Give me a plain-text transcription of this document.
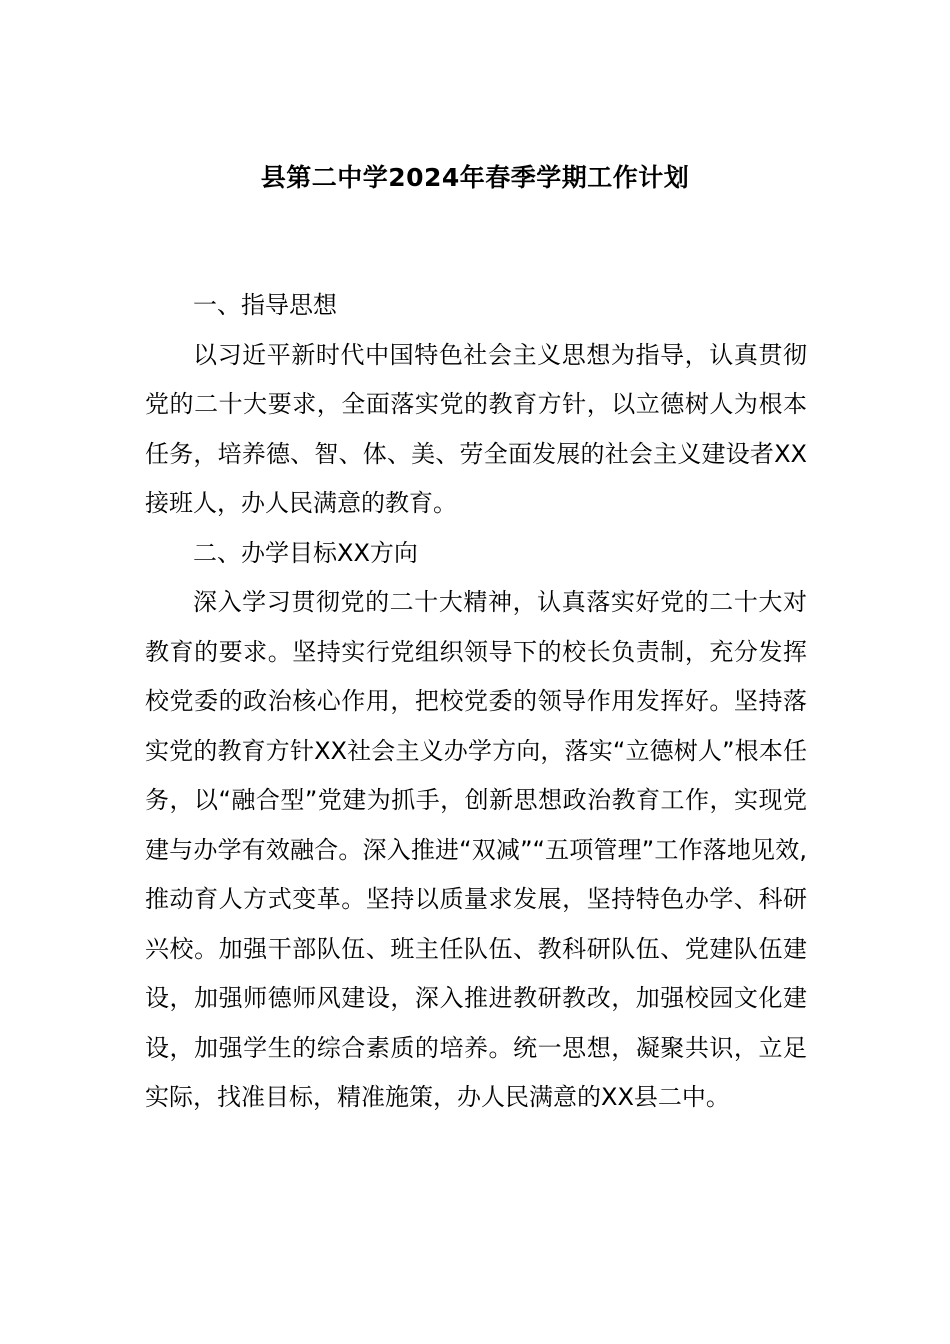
县第二中学2024年春季学期工作计划

一、指导思想

以习近平新时代中国特色社会主义思想为指导，认真贯彻党的二十大要求，全面落实党的教育方针，以立德树人为根本任务，培养德、智、体、美、劳全面发展的社会主义建设者XX接班人，办人民满意的教育。

二、办学目标XX方向

深入学习贯彻党的二十大精神，认真落实好党的二十大对教育的要求。坚持实行党组织领导下的校长负责制，充分发挥校党委的政治核心作用，把校党委的领导作用发挥好。坚持落实党的教育方针XX社会主义办学方向，落实“立德树人”根本任务，以“融合型”党建为抓手，创新思想政治教育工作，实现党建与办学有效融合。深入推进“双减”“五项管理”工作落地见效,推动育人方式变革。坚持以质量求发展，坚持特色办学、科研兴校。加强干部队伍、班主任队伍、教科研队伍、党建队伍建设，加强师德师风建设，深入推进教研教改，加强校园文化建设，加强学生的综合素质的培养。统一思想，凝聚共识，立足实际，找准目标，精准施策，办人民满意的XX县二中。
